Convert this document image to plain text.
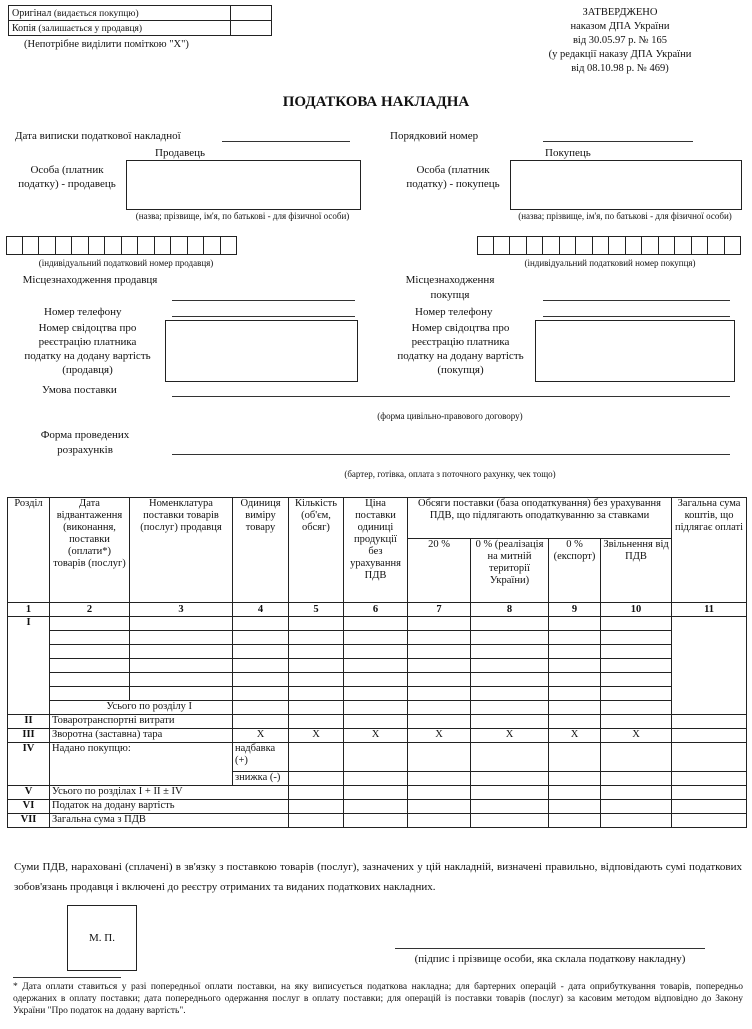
Оригінал (видається покупцю)	
Копія (залишається у продавця)	
(Непотрібне виділити поміткою "Х")
ЗАТВЕРДЖЕНО
наказом ДПА України
від 30.05.97 р. № 165
(у редакції наказу ДПА України
від 08.10.98 р. № 469)
ПОДАТКОВА НАКЛАДНА
Дата виписки податкової накладної	Порядковий номер
Продавець	Покупець
Особа (платник податку) - продавець
(назва; прізвище, ім'я, по батькові - для фізичної особи)
Особа (платник податку) - покупець
(назва; прізвище, ім'я, по батькові - для фізичної особи)
(індивідуальний податковий номер продавця)	(індивідуальний податковий номер покупця)
Місцезнаходження продавця	Місцезнаходження покупця
Номер телефону	Номер телефону
Номер свідоцтва про реєстрацію платника податку на додану вартість (продавця)
Номер свідоцтва про реєстрацію платника податку на додану вартість (покупця)
Умова поставки
(форма цивільно-правового договору)
Форма проведених розрахунків
(бартер, готівка, оплата з поточного рахунку, чек тощо)
Розділ	Дата відвантаження (виконання, поставки (оплати*) товарів (послуг)	Номенклатура поставки товарів (послуг) продавця	Одиниця виміру товару	Кількість (об'єм, обсяг)	Ціна поставки одиниці продукції без урахування ПДВ	Обсяги поставки (база оподаткування) без урахування ПДВ, що підлягають оподаткуванню за ставками				Загальна сума коштів, що підлягає оплаті
						20 %	0 % (реалізація на митній території України)	0 % (експорт)	Звільнення від ПДВ	
1	2	3	4	5	6	7	8	9	10	11
I										

	Усього по розділу I									
II	Товаротранспортні витрати									
III	Зворотна (заставна) тара		Х	Х	Х	Х	Х	Х	Х	
IV	Надано покупцю:		надбавка (+)							
			знижка (-)							
V	Усього по розділах I + II ± IV									
VI	Податок на додану вартість									
VII	Загальна сума з ПДВ									
Суми ПДВ, нараховані (сплачені) в зв'язку з поставкою товарів (послуг), зазначених у цій накладній, визначені правильно, відповідають сумі податкових зобов'язань продавця і включені до реєстру отриманих та виданих податкових накладних.
М. П.
(підпис і прізвище особи, яка склала податкову накладну)
* Дата оплати ставиться у разі попередньої оплати поставки, на яку виписується податкова накладна; для бартерних операцій - дата оприбуткування товарів, попередньо одержаних в оплату поставки; дата попереднього одержання послуг в оплату поставки; для операцій із поставки товарів (послуг) за касовим методом відповідно до Закону України "Про податок на додану вартість".
